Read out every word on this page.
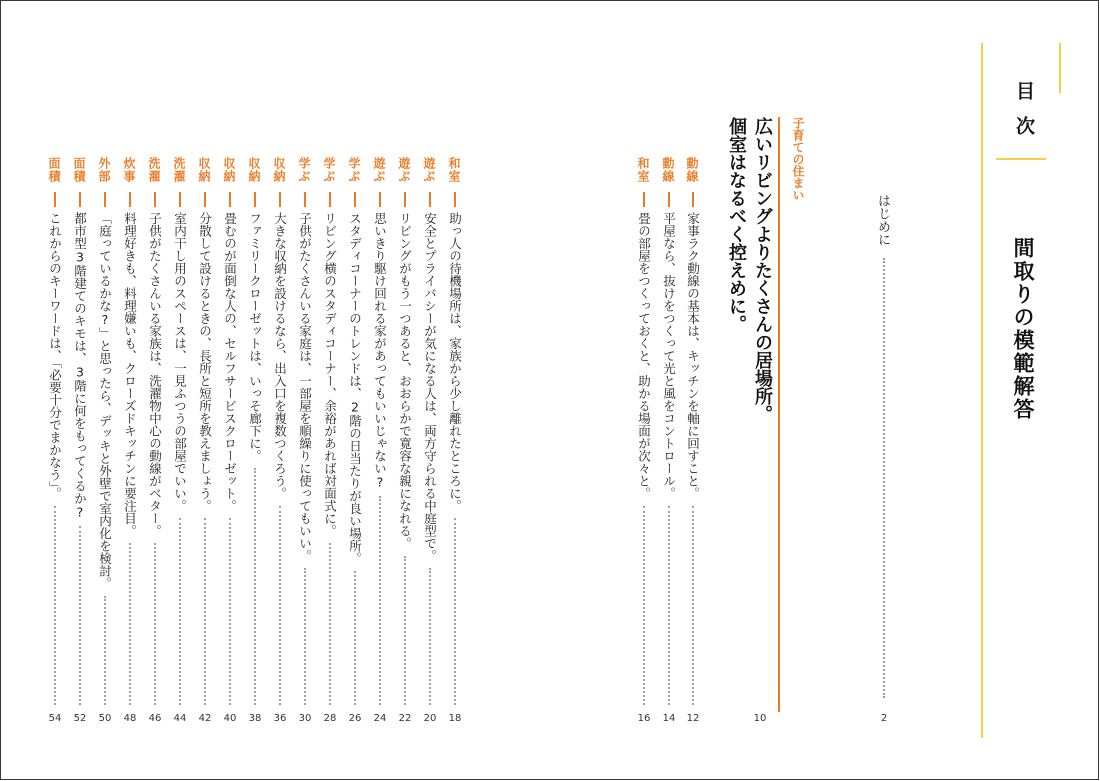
目次
間取りの模範解答
はじめに
2
子育ての住まい
広いリビングよりたくさんの居場所。
個室はなるべく控えめに。
10
動線
家事ラク動線の基本は、キッチンを軸に回すこと。
12
動線
平屋なら、抜けをつくって光と風をコントロール。
14
和室
畳の部屋をつくっておくと、助かる場面が次々と。
16
和室
助っ人の待機場所は、家族から少し離れたところに。
18
遊ぶ
安全とプライバシーが気になる人は、両方守られる中庭型で。
20
遊ぶ
リビングがもう一つあると、おおらかで寛容な親になれる。
22
遊ぶ
思いきり駆け回れる家があってもいいじゃない?
24
学ぶ
スタディコーナーのトレンドは、2階の日当たりが良い場所。
26
学ぶ
リビング横のスタディコーナー、余裕があれば対面式に。
28
学ぶ
子供がたくさんいる家庭は、一部屋を順繰りに使ってもいい。
30
収納
大きな収納を設けるなら、出入口を複数つくろう。
36
収納
ファミリークローゼットは、いっそ廊下に。
38
収納
畳むのが面倒な人の、セルフサービスクローゼット。
40
収納
分散して設けるときの、長所と短所を教えましょう。
42
洗濯
室内干し用のスペースは、一見ふつうの部屋でいい。
44
洗濯
子供がたくさんいる家族は、洗濯物中心の動線がベター。
46
炊事
料理好きも、料理嫌いも、クローズドキッチンに要注目。
48
外部
「庭っているかな?」と思ったら、デッキと外壁で室内化を検討。
50
面積
都市型3階建てのキモは、3階に何をもってくるか?
52
面積
これからのキーワードは、「必要十分でまかなう」。
54
